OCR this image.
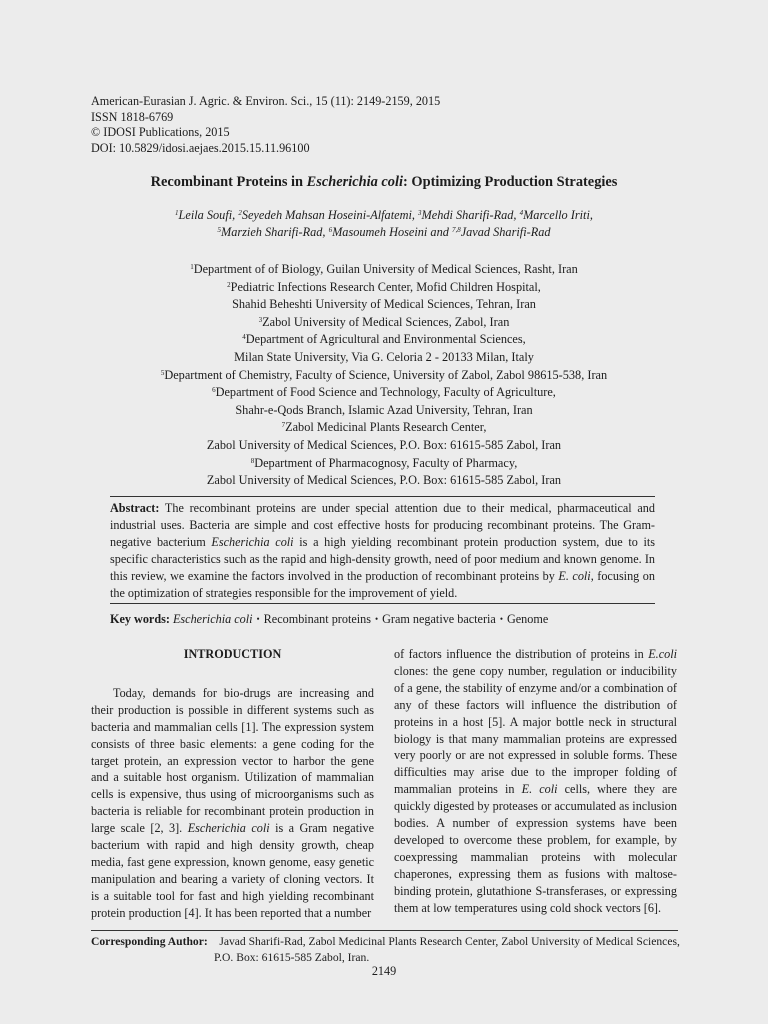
American-Eurasian J. Agric. & Environ. Sci., 15 (11): 2149-2159, 2015
ISSN 1818-6769
© IDOSI Publications, 2015
DOI: 10.5829/idosi.aejaes.2015.15.11.96100
Recombinant Proteins in Escherichia coli: Optimizing Production Strategies
$^1$Leila Soufi, $^2$Seyedeh Mahsan Hoseini-Alfatemi, $^3$Mehdi Sharifi-Rad, $^4$Marcello Iriti,
$^5$Marzieh Sharifi-Rad, $^6$Masoumeh Hoseini and $^{7,8}$Javad Sharifi-Rad
$^1$Department of of Biology, Guilan University of Medical Sciences, Rasht, Iran
$^2$Pediatric Infections Research Center, Mofid Children Hospital,
Shahid Beheshti University of Medical Sciences, Tehran, Iran
$^3$Zabol University of Medical Sciences, Zabol, Iran
$^4$Department of Agricultural and Environmental Sciences,
Milan State University, Via G. Celoria 2 - 20133 Milan, Italy
$^5$Department of Chemistry, Faculty of Science, University of Zabol, Zabol 98615-538, Iran
$^6$Department of Food Science and Technology, Faculty of Agriculture,
Shahr-e-Qods Branch, Islamic Azad University, Tehran, Iran
$^7$Zabol Medicinal Plants Research Center,
Zabol University of Medical Sciences, P.O. Box: 61615-585 Zabol, Iran
$^8$Department of Pharmacognosy, Faculty of Pharmacy,
Zabol University of Medical Sciences, P.O. Box: 61615-585 Zabol, Iran
Abstract: The recombinant proteins are under special attention due to their medical, pharmaceutical and industrial uses. Bacteria are simple and cost effective hosts for producing recombinant proteins. The Gram-negative bacterium Escherichia coli is a high yielding recombinant protein production system, due to its specific characteristics such as the rapid and high-density growth, need of poor medium and known genome. In this review, we examine the factors involved in the production of recombinant proteins by E. coli, focusing on the optimization of strategies responsible for the improvement of yield.
Key words: Escherichia coli • Recombinant proteins • Gram negative bacteria • Genome
INTRODUCTION

Today, demands for bio-drugs are increasing and their production is possible in different systems such as bacteria and mammalian cells [1]. The expression system consists of three basic elements: a gene coding for the target protein, an expression vector to harbor the gene and a suitable host organism. Utilization of mammalian cells is expensive, thus using of microorganisms such as bacteria is reliable for recombinant protein production in large scale [2, 3]. Escherichia coli is a Gram negative bacterium with rapid and high density growth, cheap media, fast gene expression, known genome, easy genetic manipulation and bearing a variety of cloning vectors. It is a suitable tool for fast and high yielding recombinant protein production [4]. It has been reported that a number

of factors influence the distribution of proteins in E.coli clones: the gene copy number, regulation or inducibility of a gene, the stability of enzyme and/or a combination of any of these factors will influence the distribution of proteins in a host [5]. A major bottle neck in structural biology is that many mammalian proteins are expressed very poorly or are not expressed in soluble forms. These difficulties may arise due to the improper folding of mammalian proteins in E. coli cells, where they are quickly digested by proteases or accumulated as inclusion bodies. A number of expression systems have been developed to overcome these problem, for example, by coexpressing mammalian proteins with molecular chaperones, expressing them as fusions with maltose-binding protein, glutathione S-transferases, or expressing them at low temperatures using cold shock vectors [6].

Corresponding Author: Javad Sharifi-Rad, Zabol Medicinal Plants Research Center, Zabol University of Medical Sciences,
P.O. Box: 61615-585 Zabol, Iran.
2149
